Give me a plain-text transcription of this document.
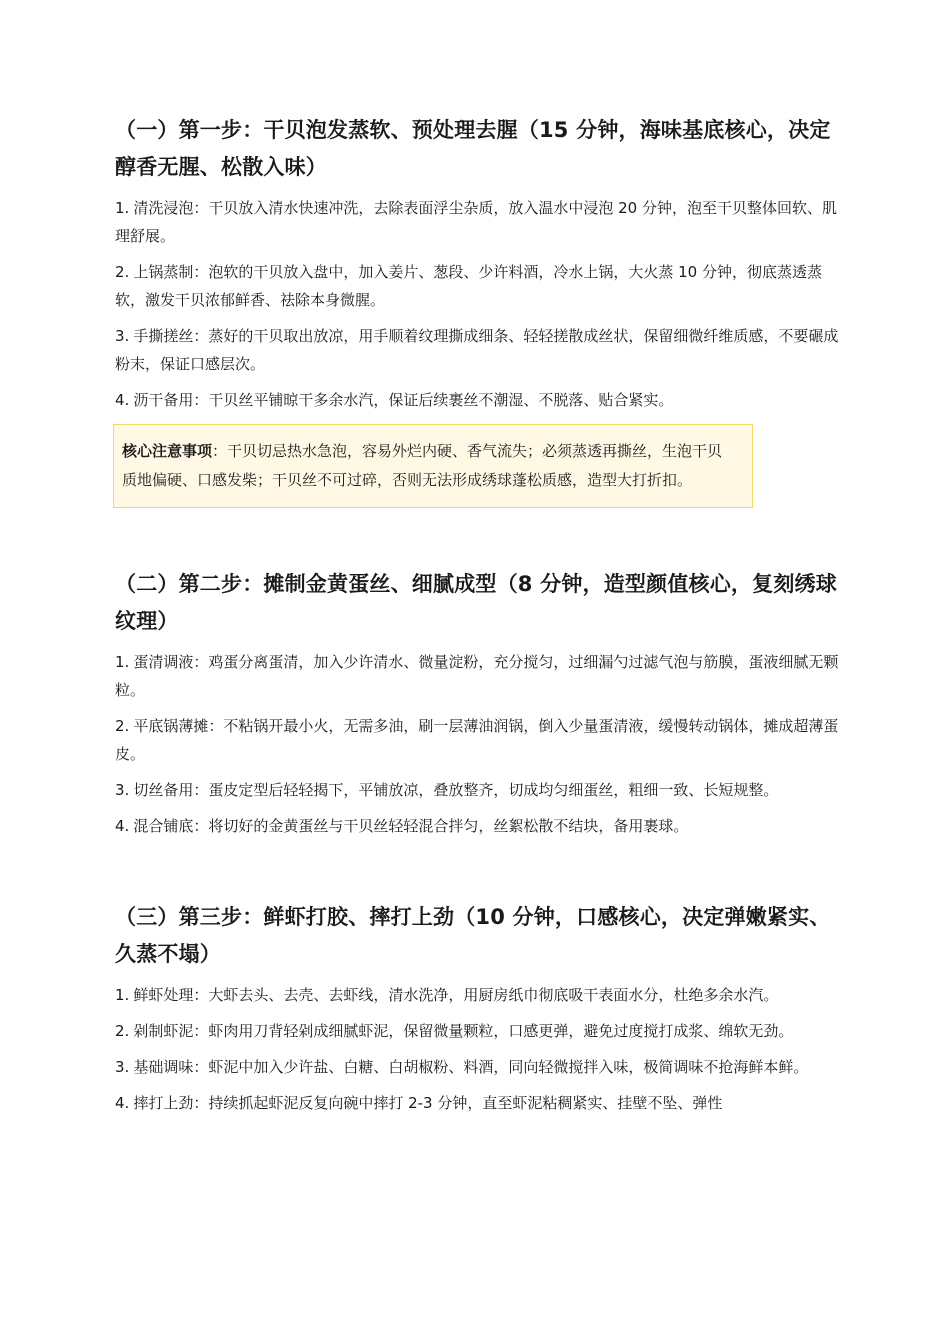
（一）第一步：干贝泡发蒸软、预处理去腥（15 分钟，海味基底核心，决定醇香无腥、松散入味）
1. 清洗浸泡：干贝放入清水快速冲洗，去除表面浮尘杂质，放入温水中浸泡 20 分钟，泡至干贝整体回软、肌理舒展。
2. 上锅蒸制：泡软的干贝放入盘中，加入姜片、葱段、少许料酒，冷水上锅，大火蒸 10 分钟，彻底蒸透蒸软，激发干贝浓郁鲜香、祛除本身微腥。
3. 手撕搓丝：蒸好的干贝取出放凉，用手顺着纹理撕成细条、轻轻搓散成丝状，保留细微纤维质感，不要碾成粉末，保证口感层次。
4. 沥干备用：干贝丝平铺晾干多余水汽，保证后续裹丝不潮湿、不脱落、贴合紧实。
核心注意事项：干贝切忌热水急泡，容易外烂内硬、香气流失；必须蒸透再撕丝，生泡干贝质地偏硬、口感发柴；干贝丝不可过碎，否则无法形成绣球蓬松质感，造型大打折扣。
（二）第二步：摊制金黄蛋丝、细腻成型（8 分钟，造型颜值核心，复刻绣球纹理）
1. 蛋清调液：鸡蛋分离蛋清，加入少许清水、微量淀粉，充分搅匀，过细漏勺过滤气泡与筋膜，蛋液细腻无颗粒。
2. 平底锅薄摊：不粘锅开最小火，无需多油，刷一层薄油润锅，倒入少量蛋清液，缓慢转动锅体，摊成超薄蛋皮。
3. 切丝备用：蛋皮定型后轻轻揭下，平铺放凉，叠放整齐，切成均匀细蛋丝，粗细一致、长短规整。
4. 混合铺底：将切好的金黄蛋丝与干贝丝轻轻混合拌匀，丝絮松散不结块，备用裹球。
（三）第三步：鲜虾打胶、摔打上劲（10 分钟，口感核心，决定弹嫩紧实、久蒸不塌）
1. 鲜虾处理：大虾去头、去壳、去虾线，清水洗净，用厨房纸巾彻底吸干表面水分，杜绝多余水汽。
2. 剁制虾泥：虾肉用刀背轻剁成细腻虾泥，保留微量颗粒，口感更弹，避免过度搅打成浆、绵软无劲。
3. 基础调味：虾泥中加入少许盐、白糖、白胡椒粉、料酒，同向轻微搅拌入味，极简调味不抢海鲜本鲜。
4. 摔打上劲：持续抓起虾泥反复向碗中摔打 2-3 分钟，直至虾泥粘稠紧实、挂壁不坠、弹性
